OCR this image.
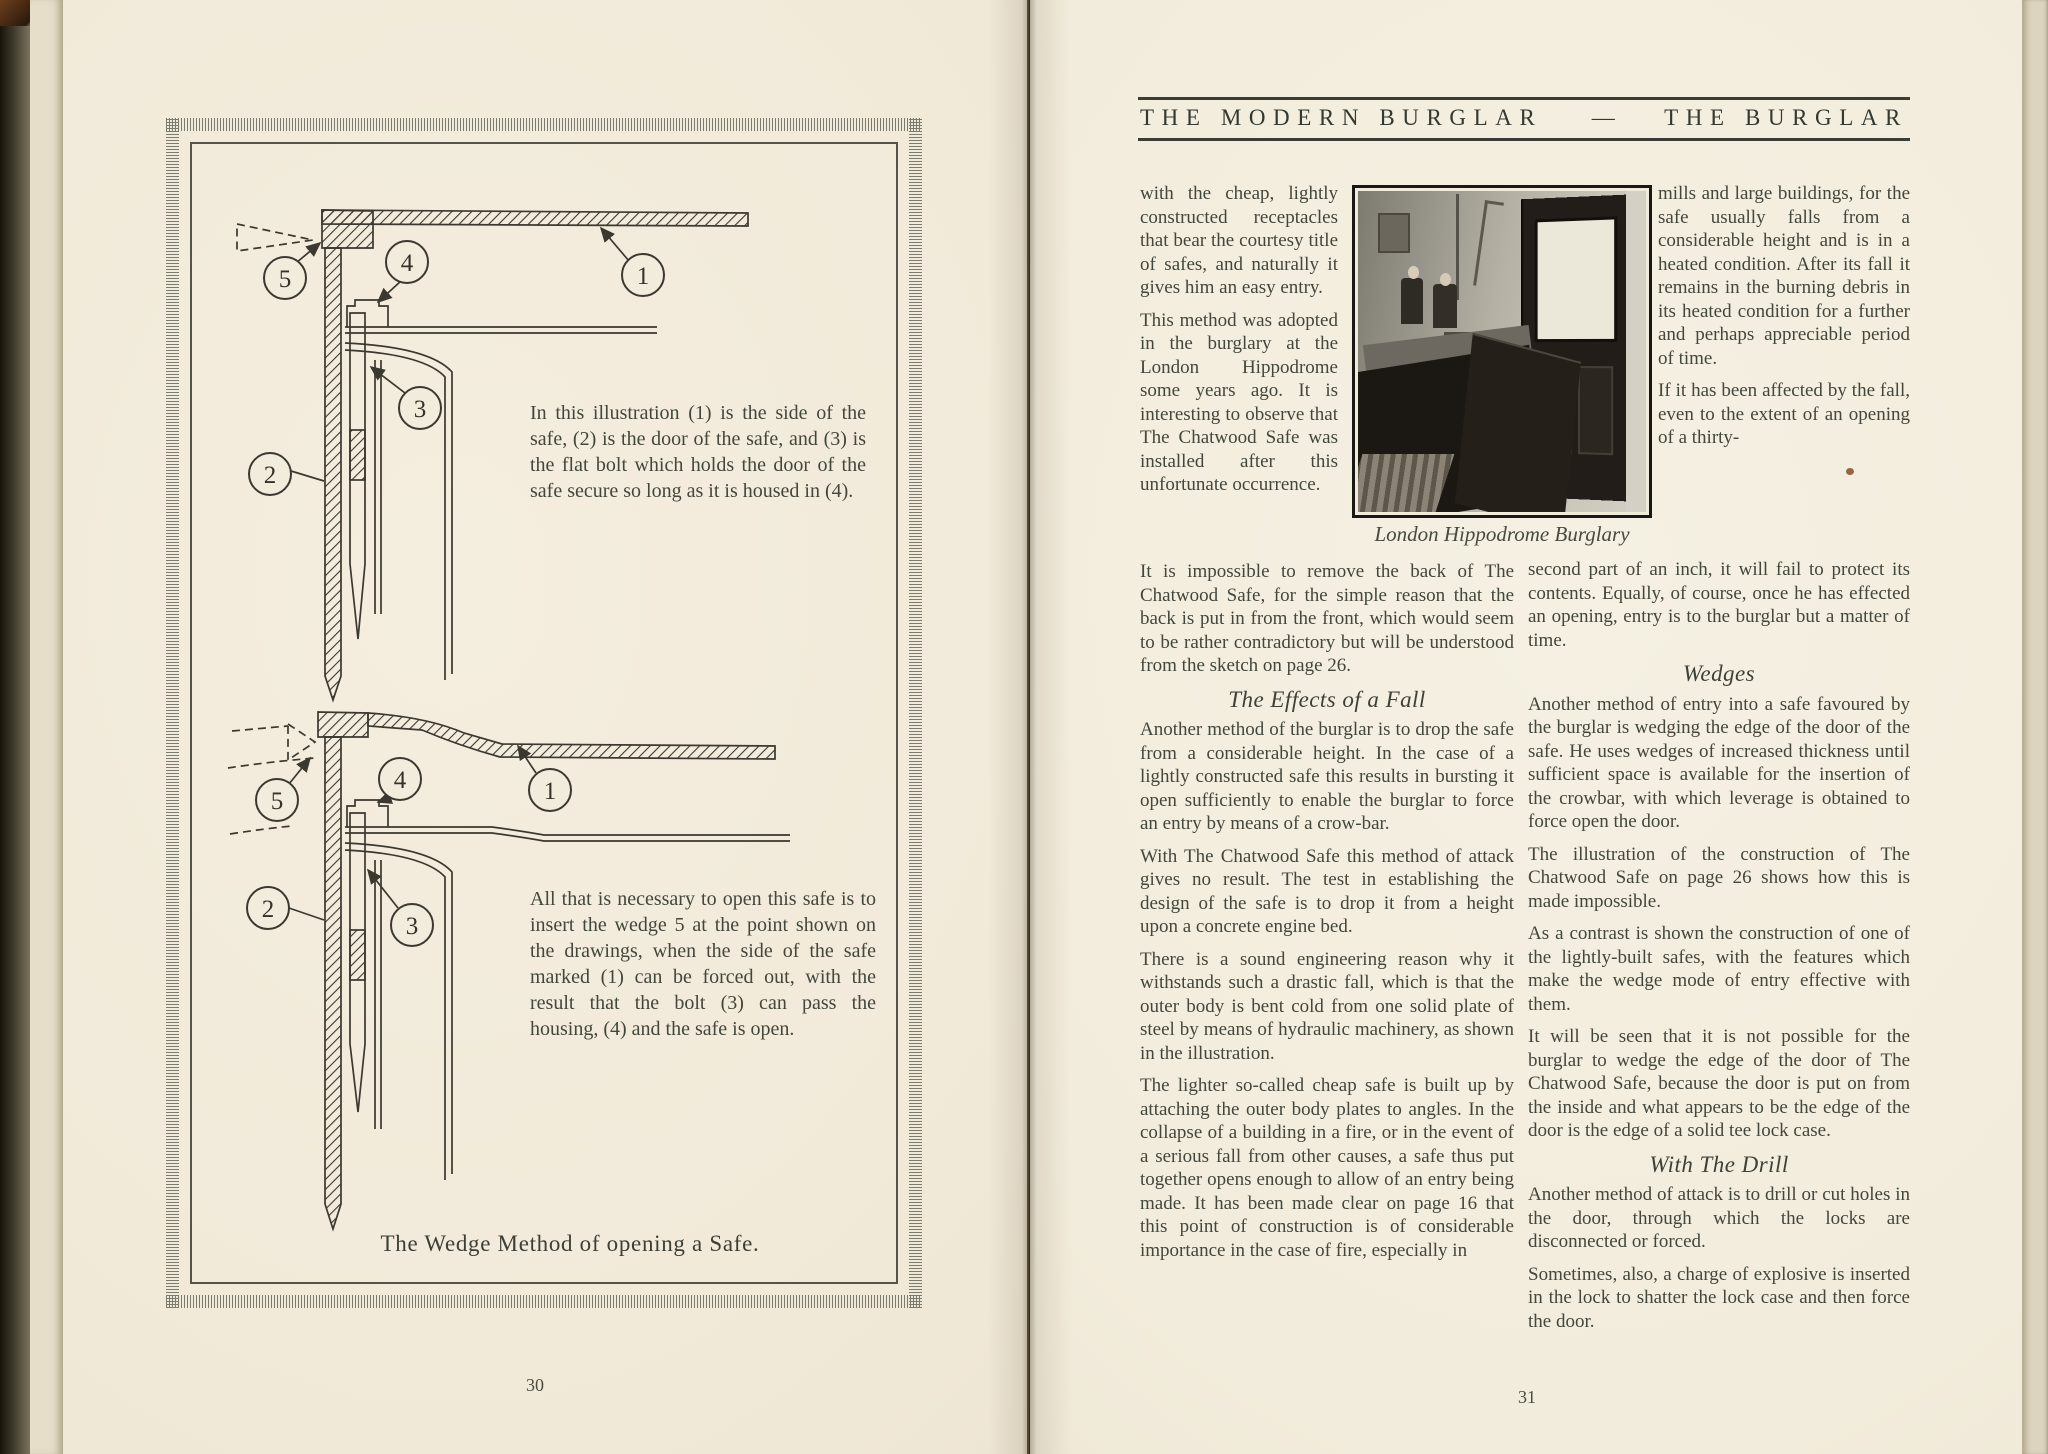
1
2
3
4
5
1
2
3
4
5
In this illustration (1) is the side of the safe, (2) is the door of the safe, and (3) is the flat bolt which holds the door of the safe secure so long as it is housed in (4).
All that is necessary to open this safe is to insert the wedge 5 at the point shown on the drawings, when the side of the safe marked (1) can be forced out, with the result that the bolt (3) can pass the housing, (4) and the safe is open.
The Wedge Method of opening a Safe.
30
THE MODERN BURGLAR — THE BURGLAR

with the cheap, lightly constructed receptacles that bear the courtesy title of safes, and naturally it gives him an easy entry.

This method was adopted in the burglary at the London Hippodrome some years ago. It is interesting to observe that The Chatwood Safe was installed after this unfortunate occurrence.

London Hippodrome Burglary

mills and large buildings, for the safe usually falls from a considerable height and is in a heated condition. After its fall it remains in the burning debris in its heated condition for a further and perhaps appreciable period of time.

If it has been affected by the fall, even to the extent of an opening of a thirty-

It is impossible to remove the back of The Chatwood Safe, for the simple reason that the back is put in from the front, which would seem to be rather contradictory but will be understood from the sketch on page 26.

The Effects of a Fall

Another method of the burglar is to drop the safe from a considerable height. In the case of a lightly constructed safe this results in bursting it open sufficiently to enable the burglar to force an entry by means of a crow-bar.

With The Chatwood Safe this method of attack gives no result. The test in establishing the design of the safe is to drop it from a height upon a concrete engine bed.

There is a sound engineering reason why it withstands such a drastic fall, which is that the outer body is bent cold from one solid plate of steel by means of hydraulic machinery, as shown in the illustration.

The lighter so-called cheap safe is built up by attaching the outer body plates to angles. In the collapse of a building in a fire, or in the event of a serious fall from other causes, a safe thus put together opens enough to allow of an entry being made. It has been made clear on page 16 that this point of construction is of considerable importance in the case of fire, especially in

second part of an inch, it will fail to protect its contents. Equally, of course, once he has effected an opening, entry is to the burglar but a matter of time.

Wedges

Another method of entry into a safe favoured by the burglar is wedging the edge of the door of the safe. He uses wedges of increased thickness until sufficient space is available for the insertion of the crowbar, with which leverage is obtained to force open the door.

The illustration of the construction of The Chatwood Safe on page 26 shows how this is made impossible.

As a contrast is shown the construction of one of the lightly-built safes, with the features which make the wedge mode of entry effective with them.

It will be seen that it is not possible for the burglar to wedge the edge of the door of The Chatwood Safe, because the door is put on from the inside and what appears to be the edge of the door is the edge of a solid tee lock case.

With The Drill

Another method of attack is to drill or cut holes in the door, through which the locks are disconnected or forced.

Sometimes, also, a charge of explosive is inserted in the lock to shatter the lock case and then force the door.

31
